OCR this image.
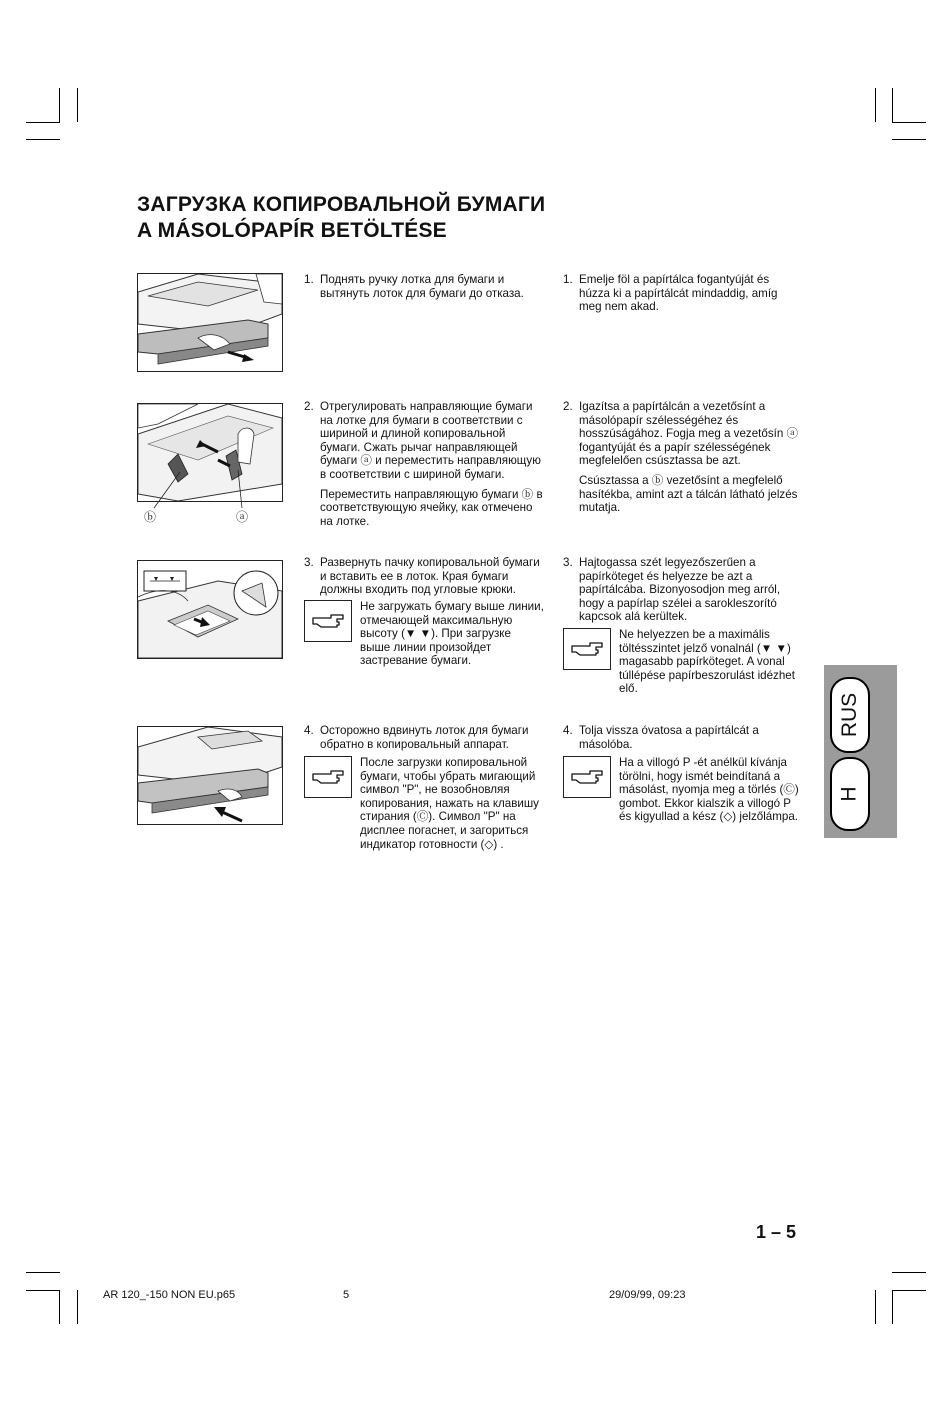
ЗАГРУЗКА КОПИРОВАЛЬНОЙ БУМАГИ
A MÁSOLÓPAPÍR BETÖLTÉSE
1. Поднять ручку лотка для бумаги и вытянуть лоток для бумаги до отказа.
1. Emelje föl a papírtálca fogantyúját és húzza ki a papírtálcát mindaddig, amíg meg nem akad.
ⓑ	ⓐ
2. Отрегулировать направляющие бумаги на лотке для бумаги в соответствии с шириной и длиной копировальной бумаги. Сжать рычаг направляющей бумаги ⓐ и переместить направляющую в соответствии с шириной бумаги.
Переместить направляющую бумаги ⓑ в соответствующую ячейку, как отмечено на лотке.
2. Igazítsa a papírtálcán a vezetősínt a másolópapír szélességéhez és hosszúságához. Fogja meg a vezetősín ⓐ fogantyúját és a papír szélességének megfelelően csúsztassa be azt.
Csúsztassa a ⓑ vezetősínt a megfelelő hasítékba, amint azt a tálcán látható jelzés mutatja.
3. Развернуть пачку копировальной бумаги и вставить ее в лоток. Края бумаги должны входить под угловые крюки.
Не загружать бумагу выше линии, отмечающей максимальную высоту (▼ ▼). При загрузке выше линии произойдет застревание бумаги.
3. Hajtogassa szét legyezőszerűen a papírköteget és helyezze be azt a papírtálcába. Bizonyosodjon meg arról, hogy a papírlap szélei a sarokleszorító kapcsok alá kerültek.
Ne helyezzen be a maximális töltésszintet jelző vonalnál (▼ ▼) magasabb papírköteget. A vonal túllépése papírbeszorulást idézhet elő.
4. Осторожно вдвинуть лоток для бумаги обратно в копировальный аппарат.
После загрузки копировальной бумаги, чтобы убрать мигающий символ "P", не возобновляя копирования, нажать на клавишу стирания (Ⓒ). Символ "P" на дисплее погаснет, и загориться индикатор готовности (◇) .
4. Tolja vissza óvatosa a papírtálcát a másolóba.
Ha a villogó P -ét anélkül kívánja törölni, hogy ismét beindítaná a másolást, nyomja meg a törlés (Ⓒ) gombot. Ekkor kialszik a villogó P és kigyullad a kész (◇) jelzőlámpa.
RUS
H
1 – 5
AR 120_-150 NON EU.p65	5	29/09/99, 09:23
